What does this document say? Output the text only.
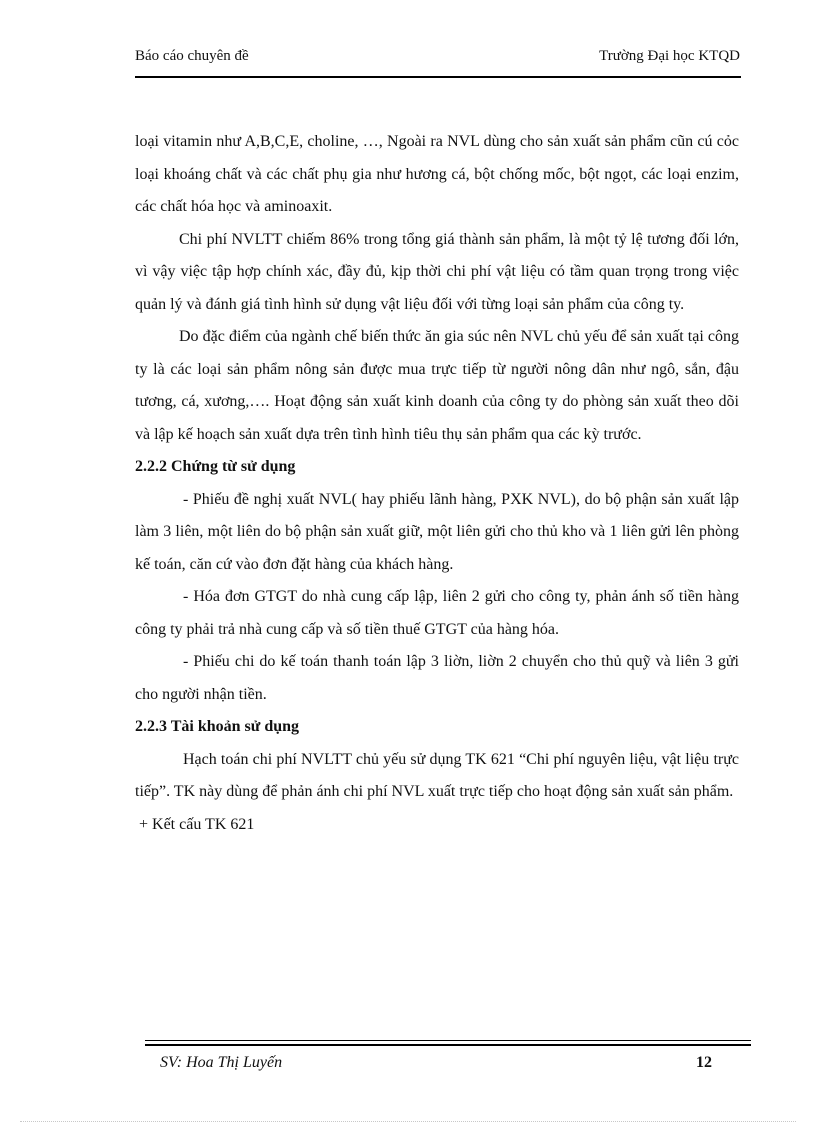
Báo cáo chuyên đề	Trường Đại học KTQD

loại vitamin như A,B,C,E, choline, …, Ngoài ra NVL dùng cho sản xuất sản phẩm cũn cú cỏc loại khoáng chất và các chất phụ gia như hương cá, bột chống mốc, bột ngọt, các loại enzim, các chất hóa học và aminoaxit.

Chi phí NVLTT chiếm 86% trong tổng giá thành sản phẩm, là một tỷ lệ tương đối lớn, vì vậy việc tập hợp chính xác, đầy đủ, kịp thời chi phí vật liệu có tầm quan trọng trong việc quản lý và đánh giá tình hình sử dụng vật liệu đối với từng loại sản phẩm của công ty.

Do đặc điểm của ngành chế biến thức ăn gia súc nên NVL chủ yếu để sản xuất tại công ty là các loại sản phẩm nông sản được mua trực tiếp từ người nông dân như ngô, sắn, đậu tương, cá, xương,…. Hoạt động sản xuất kinh doanh của công ty do phòng sản xuất theo dõi và lập kế hoạch sản xuất dựa trên tình hình tiêu thụ sản phẩm qua các kỳ trước.

2.2.2 Chứng từ sử dụng

- Phiếu đề nghị xuất NVL( hay phiếu lãnh hàng, PXK NVL), do bộ phận sản xuất lập làm 3 liên, một liên do bộ phận sản xuất giữ, một liên gửi cho thủ kho và 1 liên gửi lên phòng kế toán, căn cứ vào đơn đặt hàng của khách hàng.

- Hóa đơn GTGT do nhà cung cấp lập, liên 2 gửi cho công ty, phản ánh số tiền hàng công ty phải trả nhà cung cấp và số tiền thuế GTGT của hàng hóa.

- Phiếu chi do kế toán thanh toán lập 3 liờn, liờn 2 chuyển cho thủ quỹ và liên 3 gửi cho người nhận tiền.

2.2.3 Tài khoản sử dụng

Hạch toán chi phí NVLTT chủ yếu sử dụng TK 621 “Chi phí nguyên liệu, vật liệu trực tiếp”. TK này dùng để phản ánh chi phí NVL xuất trực tiếp cho hoạt động sản xuất sản phẩm.

+ Kết cấu TK 621

SV: Hoa Thị Luyến	12
